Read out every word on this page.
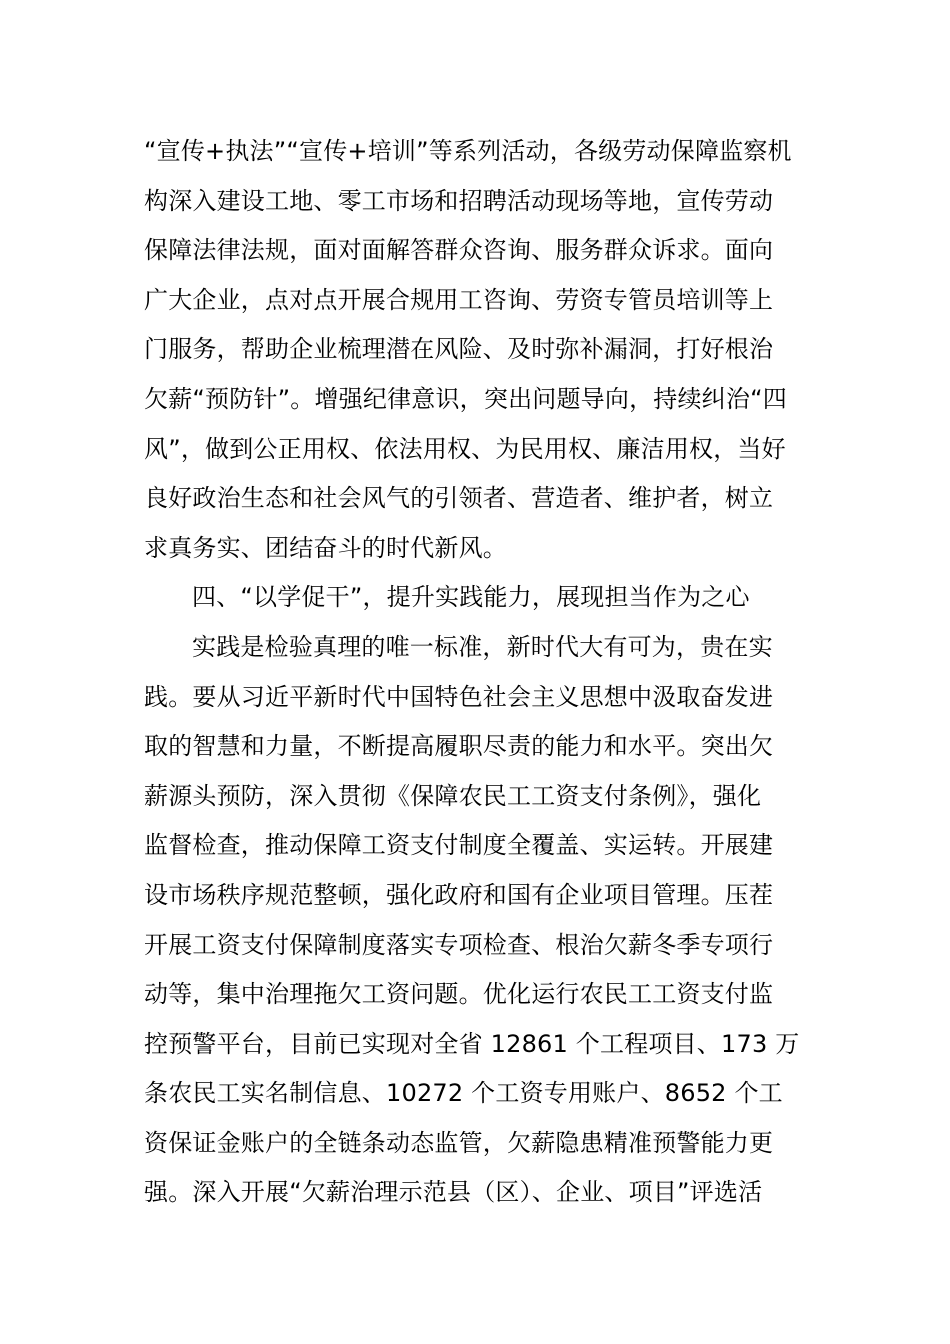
“宣传+执法”“宣传+培训”等系列活动，各级劳动保障监察机
构深入建设工地、零工市场和招聘活动现场等地，宣传劳动
保障法律法规，面对面解答群众咨询、服务群众诉求。面向
广大企业，点对点开展合规用工咨询、劳资专管员培训等上
门服务，帮助企业梳理潜在风险、及时弥补漏洞，打好根治
欠薪“预防针”。增强纪律意识，突出问题导向，持续纠治“四
风”，做到公正用权、依法用权、为民用权、廉洁用权，当好
良好政治生态和社会风气的引领者、营造者、维护者，树立
求真务实、团结奋斗的时代新风。
四、“以学促干”，提升实践能力，展现担当作为之心
实践是检验真理的唯一标准，新时代大有可为，贵在实
践。要从习近平新时代中国特色社会主义思想中汲取奋发进
取的智慧和力量，不断提高履职尽责的能力和水平。突出欠
薪源头预防，深入贯彻《保障农民工工资支付条例》，强化
监督检查，推动保障工资支付制度全覆盖、实运转。开展建
设市场秩序规范整顿，强化政府和国有企业项目管理。压茬
开展工资支付保障制度落实专项检查、根治欠薪冬季专项行
动等，集中治理拖欠工资问题。优化运行农民工工资支付监
控预警平台，目前已实现对全省 12861 个工程项目、173 万
条农民工实名制信息、10272 个工资专用账户、8652 个工
资保证金账户的全链条动态监管，欠薪隐患精准预警能力更
强。深入开展“欠薪治理示范县（区）、企业、项目”评选活
